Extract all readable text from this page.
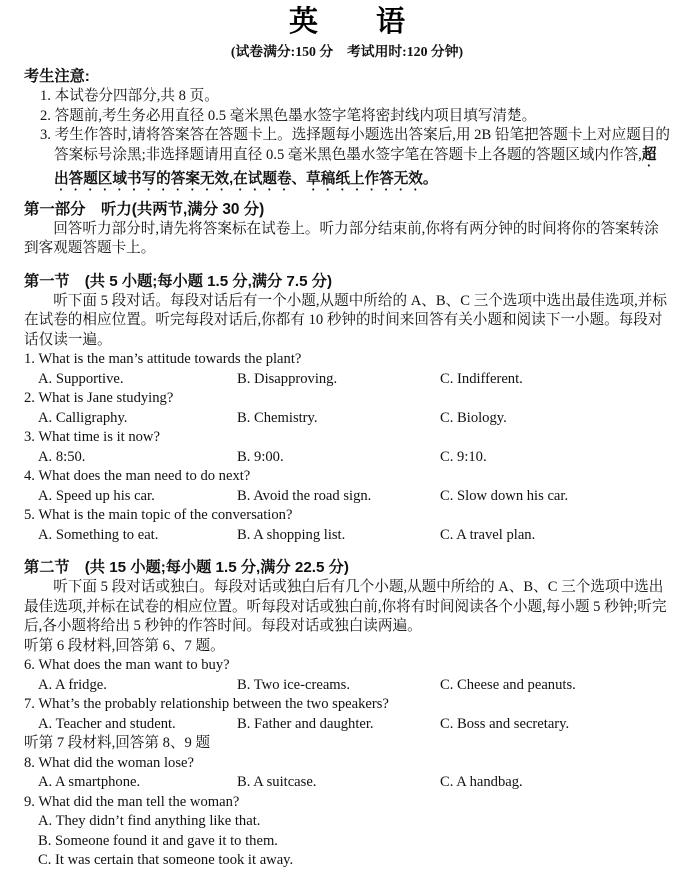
英　　语
(试卷满分:150 分　考试用时:120 分钟)
考生注意:
1. 本试卷分四部分,共 8 页。
2. 答题前,考生务必用直径 0.5 毫米黑色墨水签字笔将密封线内项目填写清楚。
3. 考生作答时,请将答案答在答题卡上。选择题每小题选出答案后,用 2B 铅笔把答题卡上对应题目的答案标号涂黑;非选择题请用直径 0.5 毫米黑色墨水签字笔在答题卡上各题的答题区域内作答,超出答题区域书写的答案无效,在试题卷、草稿纸上作答无效。
第一部分　听力(共两节,满分 30 分)
回答听力部分时,请先将答案标在试卷上。听力部分结束前,你将有两分钟的时间将你的答案转涂到客观题答题卡上。
第一节　(共 5 小题;每小题 1.5 分,满分 7.5 分)
听下面 5 段对话。每段对话后有一个小题,从题中所给的 A、B、C 三个选项中选出最佳选项,并标在试卷的相应位置。听完每段对话后,你都有 10 秒钟的时间来回答有关小题和阅读下一小题。每段对话仅读一遍。
1. What is the man’s attitude towards the plant?
A. Supportive.	B. Disapproving.	C. Indifferent.
2. What is Jane studying?
A. Calligraphy.	B. Chemistry.	C. Biology.
3. What time is it now?
A. 8:50.	B. 9:00.	C. 9:10.
4. What does the man need to do next?
A. Speed up his car.	B. Avoid the road sign.	C. Slow down his car.
5. What is the main topic of the conversation?
A. Something to eat.	B. A shopping list.	C. A travel plan.
第二节　(共 15 小题;每小题 1.5 分,满分 22.5 分)
听下面 5 段对话或独白。每段对话或独白后有几个小题,从题中所给的 A、B、C 三个选项中选出最佳选项,并标在试卷的相应位置。听每段对话或独白前,你将有时间阅读各个小题,每小题 5 秒钟;听完后,各小题将给出 5 秒钟的作答时间。每段对话或独白读两遍。
听第 6 段材料,回答第 6、7 题。
6. What does the man want to buy?
A. A fridge.	B. Two ice-creams.	C. Cheese and peanuts.
7. What’s the probably relationship between the two speakers?
A. Teacher and student.	B. Father and daughter.	C. Boss and secretary.
听第 7 段材料,回答第 8、9 题
8. What did the woman lose?
A. A smartphone.	B. A suitcase.	C. A handbag.
9. What did the man tell the woman?
A. They didn’t find anything like that.
B. Someone found it and gave it to them.
C. It was certain that someone took it away.
